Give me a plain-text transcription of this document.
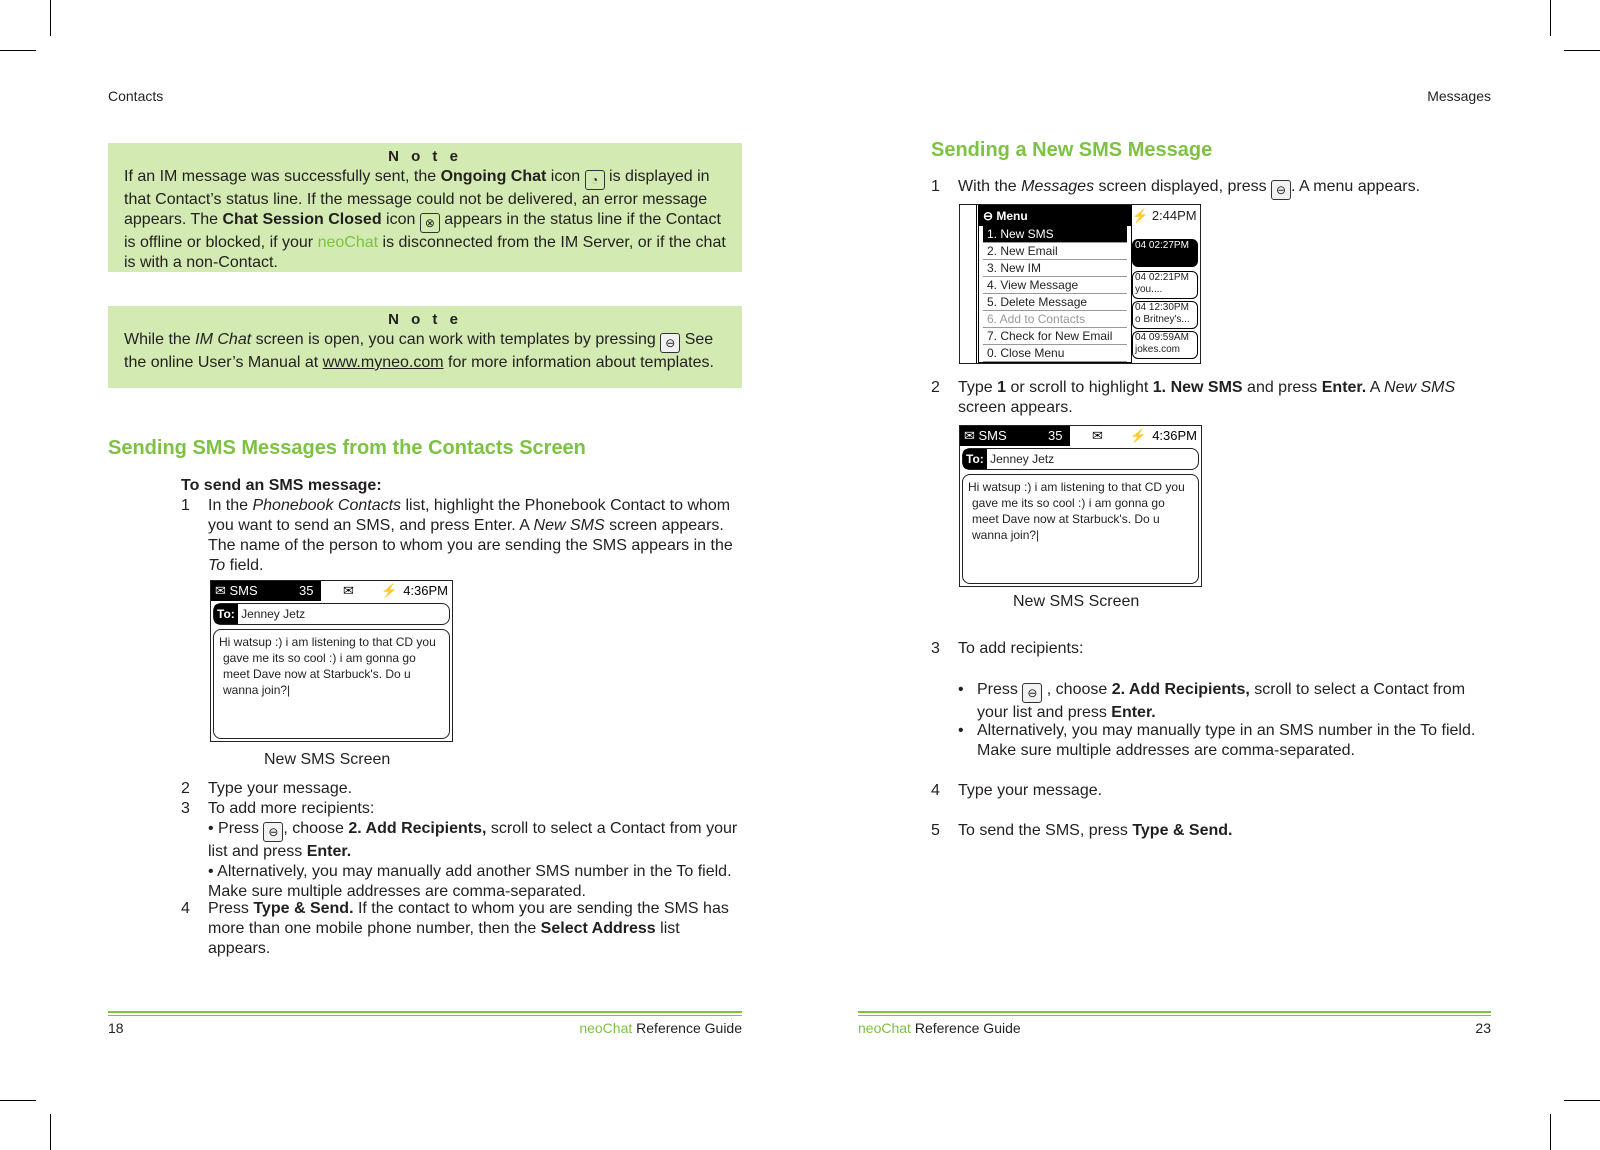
Contacts
N o t e
If an IM message was successfully sent, the Ongoing Chat icon ◔ is displayed in that Contact’s status line. If the message could not be delivered, an error message appears. The Chat Session Closed icon ⊗ appears in the status line if the Contact is offline or blocked, if your neoChat is disconnected from the IM Server, or if the chat is with a non-Contact.
N o t e
While the IM Chat screen is open, you can work with templates by pressing ⊖ See the online User’s Manual at www.myneo.com for more information about templates.
Sending SMS Messages from the Contacts Screen
To send an SMS message:
1	In the Phonebook Contacts list, highlight the Phonebook Contact to whom you want to send an SMS, and press Enter. A New SMS screen appears. The name of the person to whom you are sending the SMS appears in the To field.
✉ SMS	35 ✉ ⚡ 4:36PM
To: Jenney Jetz
Hi watsup :) i am listening to that CD you
gave me its so cool :) i am gonna go
meet Dave now at Starbuck's. Do u
wanna join?|
New SMS Screen
2	Type your message.
3	To add more recipients:
• Press ⊖, choose 2. Add Recipients, scroll to select a Contact from your list and press Enter.
• Alternatively, you may manually add another SMS number in the To field. Make sure multiple addresses are comma-separated.
4	Press Type & Send. If the contact to whom you are sending the SMS has more than one mobile phone number, then the Select Address list appears.
18	neoChat Reference Guide
Messages
Sending a New SMS Message
1	With the Messages screen displayed, press ⊖. A menu appears.
⊖ Menu
1. New SMS
2. New Email
3. New IM
4. View Message
5. Delete Message
6. Add to Contacts
7. Check for New Email
0. Close Menu
⚡ 2:44PM
04 02:27PM
04 02:21PM
you....
04 12:30PM
o Britney's...
04 09:59AM
jokes.com
2	Type 1 or scroll to highlight 1. New SMS and press Enter. A New SMS screen appears.
✉ SMS	35 ✉ ⚡ 4:36PM
To: Jenney Jetz
Hi watsup :) i am listening to that CD you
gave me its so cool :) i am gonna go
meet Dave now at Starbuck's. Do u
wanna join?|
New SMS Screen
3	To add recipients:
• Press ⊖ , choose 2. Add Recipients, scroll to select a Contact from your list and press Enter.
• Alternatively, you may manually type in an SMS number in the To field. Make sure multiple addresses are comma-separated.
4	Type your message.
5	To send the SMS, press Type & Send.
neoChat Reference Guide	23
